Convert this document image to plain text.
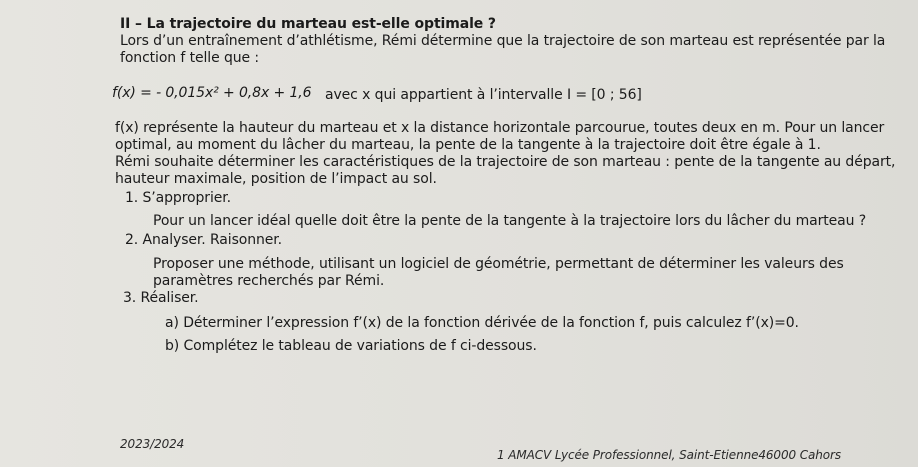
II – La trajectoire du marteau est-elle optimale ?
Lors d’un entraînement d’athlétisme, Rémi détermine que la trajectoire de son marteau est représentée par la
fonction f telle que :
f(x) = - 0,015x² + 0,8x + 1,6 avec x qui appartient à l’intervalle I = [0 ; 56]
f(x) représente la hauteur du marteau et x la distance horizontale parcourue, toutes deux en m. Pour un lancer
optimal, au moment du lâcher du marteau, la pente de la tangente à la trajectoire doit être égale à 1.
Rémi souhaite déterminer les caractéristiques de la trajectoire de son marteau : pente de la tangente au départ,
hauteur maximale, position de l’impact au sol.
1. S’approprier.
Pour un lancer idéal quelle doit être la pente de la tangente à la trajectoire lors du lâcher du marteau ?
2. Analyser. Raisonner.
Proposer une méthode, utilisant un logiciel de géométrie, permettant de déterminer les valeurs des
paramètres recherchés par Rémi.
3. Réaliser.
a) Déterminer l’expression f’(x) de la fonction dérivée de la fonction f, puis calculez f’(x)=0.
b) Complétez le tableau de variations de f ci-dessous.
2023/2024
1 AMACV Lycée Professionnel, Saint-Etienne46000 Cahors
